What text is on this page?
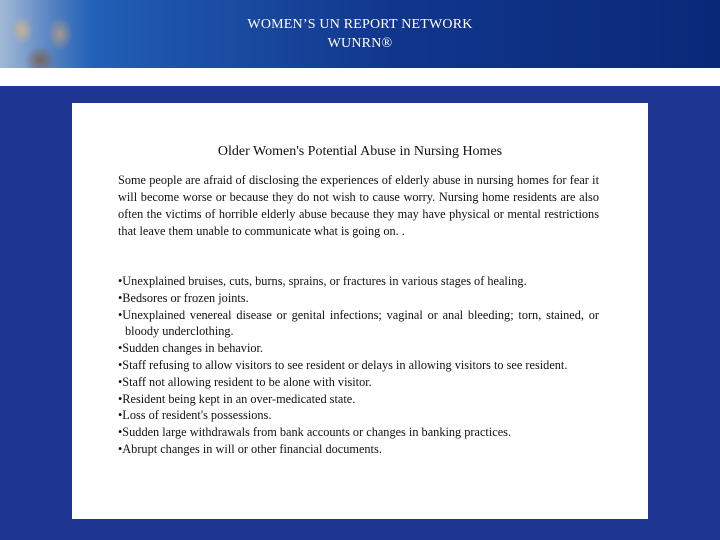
WOMEN’S UN REPORT NETWORK
WUNRN®
Older Women's Potential Abuse in Nursing Homes

Some people are afraid of disclosing the experiences of elderly abuse in nursing homes for fear it will become worse or because they do not wish to cause worry. Nursing home residents are also often the victims of horrible elderly abuse because they may have physical or mental restrictions that leave them unable to communicate what is going on. .

•Unexplained bruises, cuts, burns, sprains, or fractures in various stages of healing.
•Bedsores or frozen joints.
•Unexplained venereal disease or genital infections; vaginal or anal bleeding; torn, stained, or bloody underclothing.
•Sudden changes in behavior.
•Staff refusing to allow visitors to see resident or delays in allowing visitors to see resident.
•Staff not allowing resident to be alone with visitor.
•Resident being kept in an over-medicated state.
•Loss of resident's possessions.
•Sudden large withdrawals from bank accounts or changes in banking practices.
•Abrupt changes in will or other financial documents.
